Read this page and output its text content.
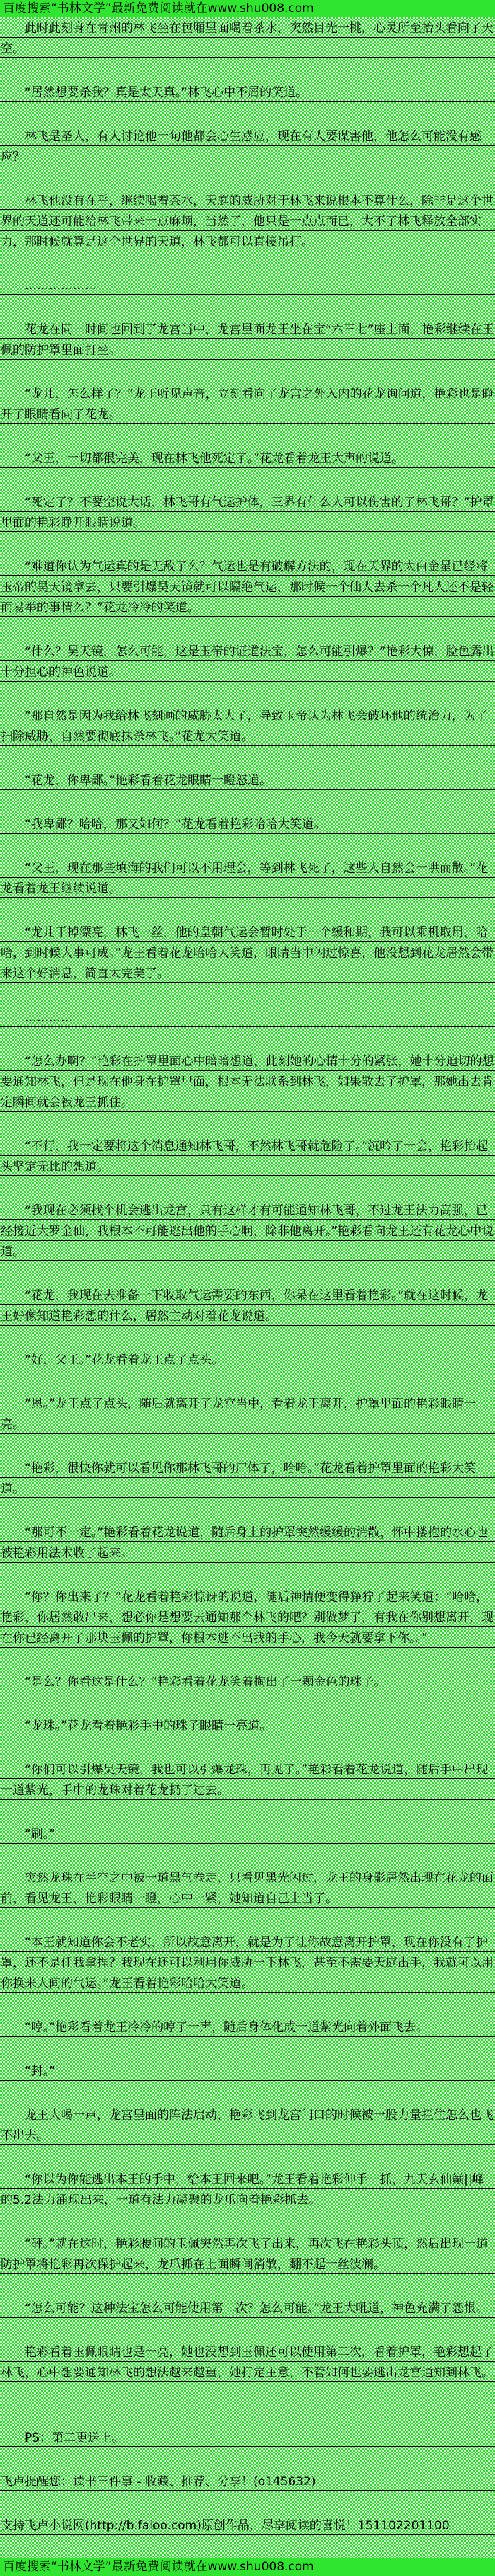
百度搜索“书林文学”最新免费阅读就在www.shu008.com
此时此刻身在青州的林飞坐在包厢里面喝着茶水，突然目光一挑，心灵所至抬头看向了天空。
“居然想要杀我？真是太天真。”林飞心中不屑的笑道。
林飞是圣人，有人讨论他一句他都会心生感应，现在有人要谋害他，他怎么可能没有感应？
林飞他没有在乎，继续喝着茶水，天庭的威胁对于林飞来说根本不算什么，除非是这个世界的天道还可能给林飞带来一点麻烦，当然了，他只是一点点而已，大不了林飞释放全部实力，那时候就算是这个世界的天道，林飞都可以直接吊打。
………………
花龙在同一时间也回到了龙宫当中，龙宫里面龙王坐在宝“六三七”座上面，艳彩继续在玉佩的防护罩里面打坐。
“龙儿，怎么样了？”龙王听见声音，立刻看向了龙宫之外入内的花龙询问道，艳彩也是睁开了眼睛看向了花龙。
“父王，一切都很完美，现在林飞他死定了。”花龙看着龙王大声的说道。
“死定了？不要空说大话，林飞哥有气运护体，三界有什么人可以伤害的了林飞哥？”护罩里面的艳彩睁开眼睛说道。
“难道你认为气运真的是无敌了么？气运也是有破解方法的，现在天界的太白金星已经将玉帝的昊天镜拿去，只要引爆昊天镜就可以隔绝气运，那时候一个仙人去杀一个凡人还不是轻而易举的事情么？”花龙冷冷的笑道。
“什么？昊天镜，怎么可能，这是玉帝的证道法宝，怎么可能引爆？”艳彩大惊，脸色露出十分担心的神色说道。
“那自然是因为我给林飞刻画的威胁太大了，导致玉帝认为林飞会破坏他的统治力，为了扫除威胁，自然要彻底抹杀林飞。”花龙大笑道。
“花龙，你卑鄙。”艳彩看着花龙眼睛一瞪怒道。
“我卑鄙？哈哈，那又如何？”花龙看着艳彩哈哈大笑道。
“父王，现在那些填海的我们可以不用理会，等到林飞死了，这些人自然会一哄而散。”花龙看着龙王继续说道。
“龙儿干掉漂亮，林飞一丝，他的皇朝气运会暂时处于一个缓和期，我可以乘机取用，哈哈，到时候大事可成。”龙王看着花龙哈哈大笑道，眼睛当中闪过惊喜，他没想到花龙居然会带来这个好消息，简直太完美了。
…………
“怎么办啊？”艳彩在护罩里面心中暗暗想道，此刻她的心情十分的紧张，她十分迫切的想要通知林飞，但是现在他身在护罩里面，根本无法联系到林飞，如果散去了护罩，那她出去肯定瞬间就会被龙王抓住。
“不行，我一定要将这个消息通知林飞哥，不然林飞哥就危险了。”沉吟了一会，艳彩抬起头坚定无比的想道。
“我现在必须找个机会逃出龙宫，只有这样才有可能通知林飞哥，不过龙王法力高强，已经接近大罗金仙，我根本不可能逃出他的手心啊，除非他离开。”艳彩看向龙王还有花龙心中说道。
“花龙，我现在去准备一下收取气运需要的东西，你呆在这里看着艳彩。”就在这时候，龙王好像知道艳彩想的什么，居然主动对着花龙说道。
“好，父王。”花龙看着龙王点了点头。
“恩。”龙王点了点头，随后就离开了龙宫当中，看着龙王离开，护罩里面的艳彩眼睛一亮。
“艳彩，很快你就可以看见你那林飞哥的尸体了，哈哈。”花龙看着护罩里面的艳彩大笑道。
“那可不一定。”艳彩看着花龙说道，随后身上的护罩突然缓缓的消散，怀中搂抱的水心也被艳彩用法术收了起来。
“你？你出来了？”花龙看着艳彩惊讶的说道，随后神情便变得狰狞了起来笑道：“哈哈，艳彩，你居然敢出来，想必你是想要去通知那个林飞的吧？别做梦了，有我在你别想离开，现在你已经离开了那块玉佩的护罩，你根本逃不出我的手心，我今天就要拿下你。。”
“是么？你看这是什么？”艳彩看着花龙笑着掏出了一颗金色的珠子。
“龙珠。”花龙看着艳彩手中的珠子眼睛一亮道。
“你们可以引爆昊天镜，我也可以引爆龙珠，再见了。”艳彩看着花龙说道，随后手中出现一道紫光，手中的龙珠对着花龙扔了过去。
“刷。”
突然龙珠在半空之中被一道黑气卷走，只看见黑光闪过，龙王的身影居然出现在花龙的面前，看见龙王，艳彩眼睛一瞪，心中一紧，她知道自己上当了。
“本王就知道你会不老实，所以故意离开，就是为了让你故意离开护罩，现在你没有了护罩，还不是任我拿捏？我现在还可以利用你威胁一下林飞，甚至不需要天庭出手，我就可以用你换来人间的气运。”龙王看着艳彩哈哈大笑道。
“哼。”艳彩看着龙王冷冷的哼了一声，随后身体化成一道紫光向着外面飞去。
“封。”
龙王大喝一声，龙宫里面的阵法启动，艳彩飞到龙宫门口的时候被一股力量拦住怎么也飞不出去。
“你以为你能逃出本王的手中，给本王回来吧。”龙王看着艳彩伸手一抓，九天玄仙巅||峰的5.2法力涌现出来，一道有法力凝聚的龙爪向着艳彩抓去。
“砰。”就在这时，艳彩腰间的玉佩突然再次飞了出来，再次飞在艳彩头顶，然后出现一道防护罩将艳彩再次保护起来，龙爪抓在上面瞬间消散，翻不起一丝波澜。
“怎么可能？这种法宝怎么可能使用第二次？怎么可能。”龙王大吼道，神色充满了怨恨。
艳彩看着玉佩眼睛也是一亮，她也没想到玉佩还可以使用第二次，看着护罩，艳彩想起了林飞，心中想要通知林飞的想法越来越重，她打定主意，不管如何也要逃出龙宫通知到林飞。

PS：第二更送上。
飞卢提醒您：读书三件事 - 收藏、推荐、分享！(o145632)
支持飞卢小说网(http://b.faloo.com)原创作品，尽享阅读的喜悦！151102201100
百度搜索“书林文学”最新免费阅读就在www.shu008.com
